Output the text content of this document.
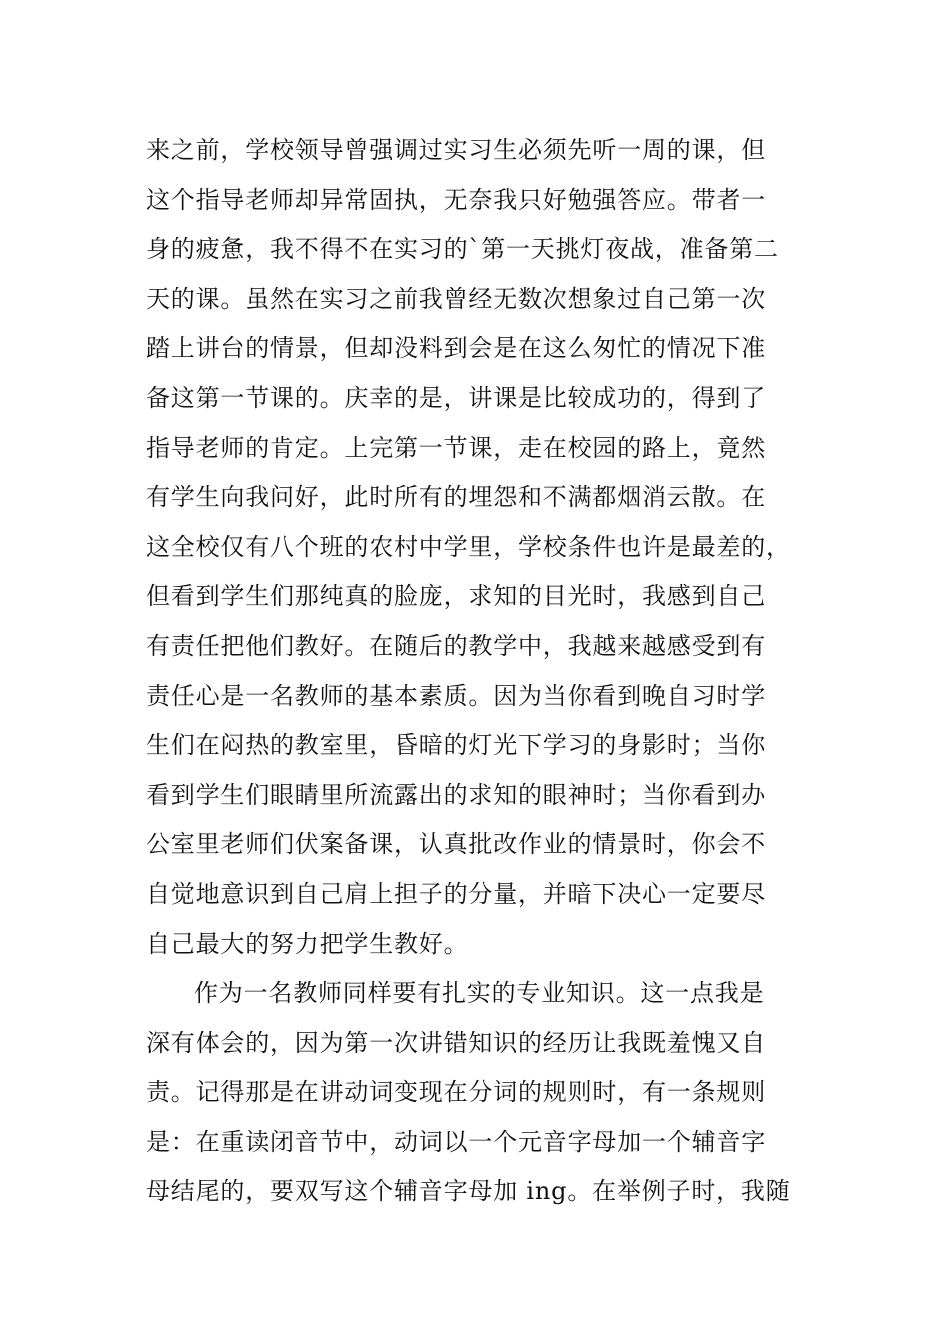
来之前，学校领导曾强调过实习生必须先听一周的课，但
这个指导老师却异常固执，无奈我只好勉强答应。带者一
身的疲惫，我不得不在实习的`第一天挑灯夜战，准备第二
天的课。虽然在实习之前我曾经无数次想象过自己第一次
踏上讲台的情景，但却没料到会是在这么匆忙的情况下准
备这第一节课的。庆幸的是，讲课是比较成功的，得到了
指导老师的肯定。上完第一节课，走在校园的路上，竟然
有学生向我问好，此时所有的埋怨和不满都烟消云散。在
这全校仅有八个班的农村中学里，学校条件也许是最差的，
但看到学生们那纯真的脸庞，求知的目光时，我感到自己
有责任把他们教好。在随后的教学中，我越来越感受到有
责任心是一名教师的基本素质。因为当你看到晚自习时学
生们在闷热的教室里，昏暗的灯光下学习的身影时；当你
看到学生们眼睛里所流露出的求知的眼神时；当你看到办
公室里老师们伏案备课，认真批改作业的情景时，你会不
自觉地意识到自己肩上担子的分量，并暗下决心一定要尽
自己最大的努力把学生教好。
作为一名教师同样要有扎实的专业知识。这一点我是
深有体会的，因为第一次讲错知识的经历让我既羞愧又自
责。记得那是在讲动词变现在分词的规则时，有一条规则
是：在重读闭音节中，动词以一个元音字母加一个辅音字
母结尾的，要双写这个辅音字母加 ing。在举例子时，我随
